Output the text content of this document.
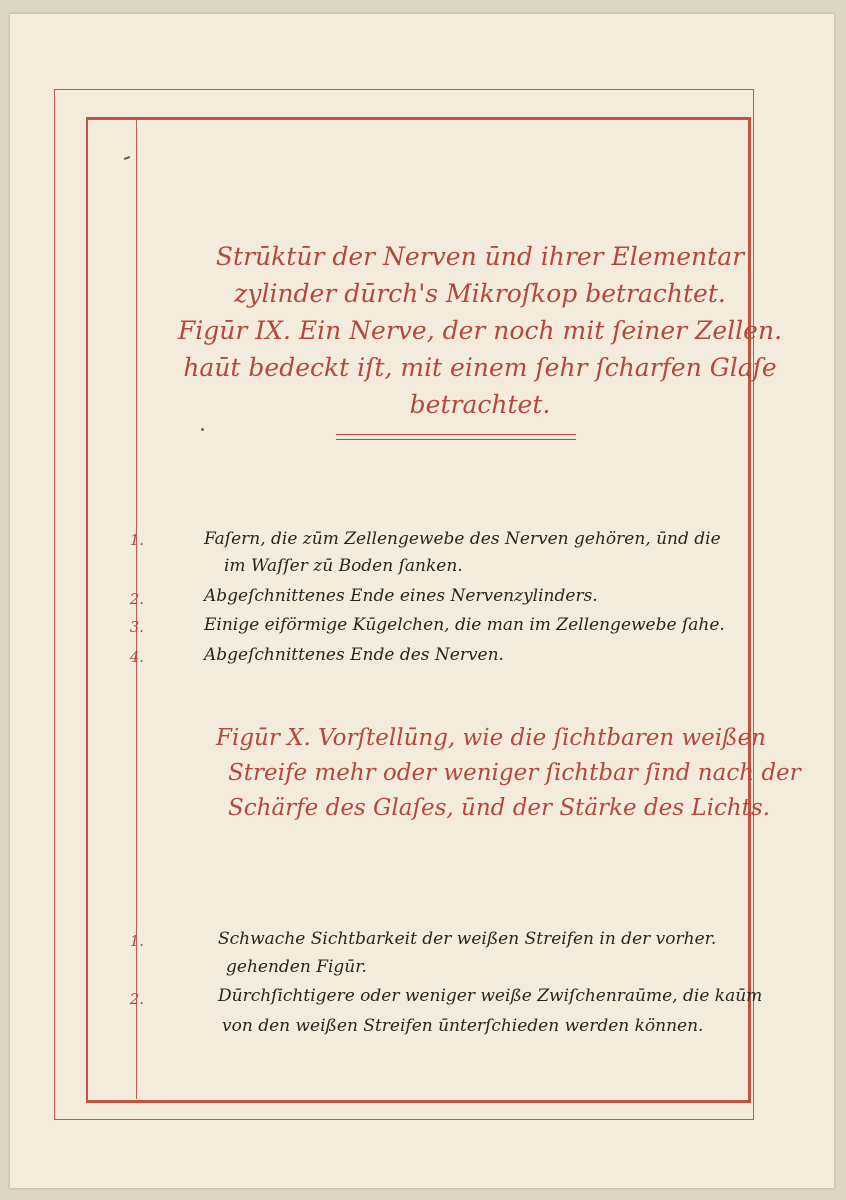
Strūktūr der Nerven ūnd ihrer Elementar
zylinder dūrch's Mikroſkop betrachtet.
Figūr IX. Ein Nerve, der noch mit ſeiner Zellen.
haūt bedeckt iſt, mit einem ſehr ſcharfen Glaſe
betrachtet.
1.	Faſern, die zūm Zellengewebe des Nerven gehören, ūnd die
im Waſſer zū Boden ſanken.
2.	Abgeſchnittenes Ende eines Nervenzylinders.
3.	Einige eiförmige Kūgelchen, die man im Zellengewebe ſahe.
4.	Abgeſchnittenes Ende des Nerven.
Figūr X. Vorſtellūng, wie die ſichtbaren weißen
Streife mehr oder weniger ſichtbar ſind nach der
Schärfe des Glaſes, ūnd der Stärke des Lichts.
1.	Schwache Sichtbarkeit der weißen Streifen in der vorher.
gehenden Figūr.
2.	Dūrchſichtigere oder weniger weiße Zwiſchenraūme, die kaūm
von den weißen Streifen ūnterſchieden werden können.
